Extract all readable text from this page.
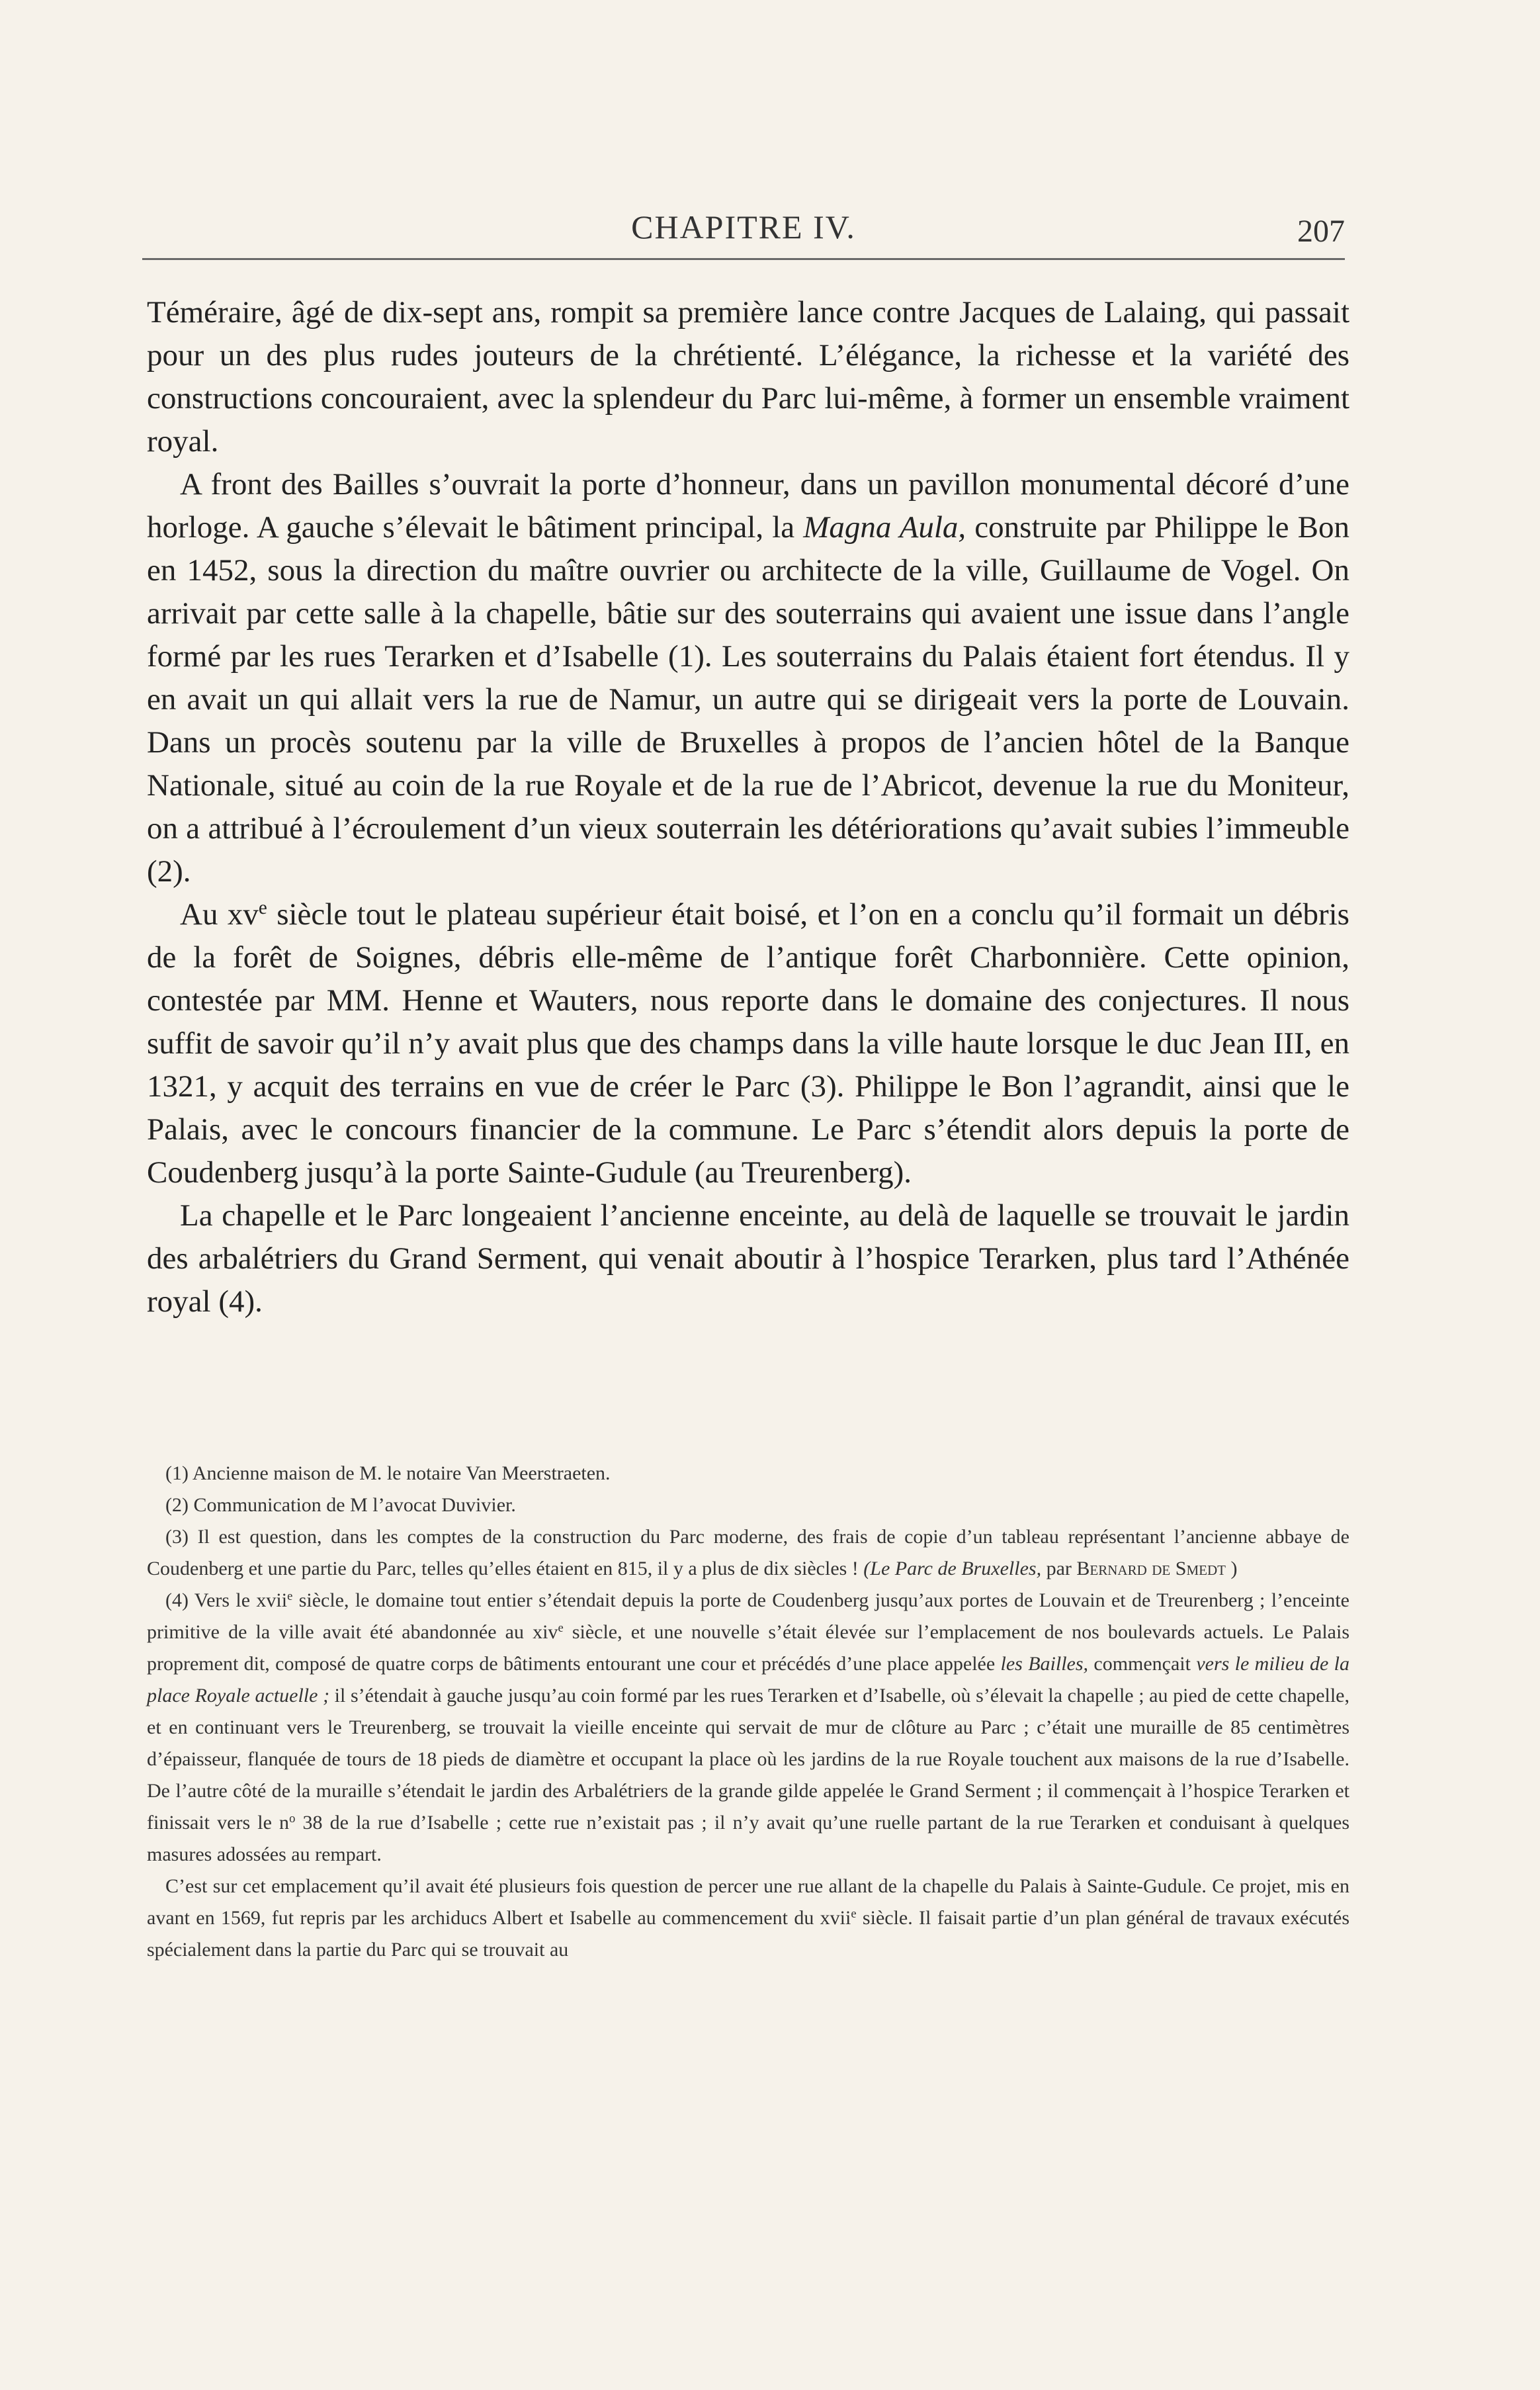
CHAPITRE IV.	207

Téméraire, âgé de dix-sept ans, rompit sa première lance contre Jacques de Lalaing, qui passait pour un des plus rudes jouteurs de la chrétienté. L’élégance, la richesse et la variété des constructions concouraient, avec la splendeur du Parc lui-même, à former un ensemble vraiment royal.

A front des Bailles s’ouvrait la porte d’honneur, dans un pavillon monumental décoré d’une horloge. A gauche s’élevait le bâtiment principal, la Magna Aula, construite par Philippe le Bon en 1452, sous la direction du maître ouvrier ou architecte de la ville, Guillaume de Vogel. On arrivait par cette salle à la chapelle, bâtie sur des souterrains qui avaient une issue dans l’angle formé par les rues Terarken et d’Isabelle (1). Les souterrains du Palais étaient fort étendus. Il y en avait un qui allait vers la rue de Namur, un autre qui se dirigeait vers la porte de Louvain. Dans un procès soutenu par la ville de Bruxelles à propos de l’ancien hôtel de la Banque Nationale, situé au coin de la rue Royale et de la rue de l’Abricot, devenue la rue du Moniteur, on a attribué à l’écroulement d’un vieux souterrain les détériorations qu’avait subies l’immeuble (2).

Au $xv^e$ siècle tout le plateau supérieur était boisé, et l’on en a conclu qu’il formait un débris de la forêt de Soignes, débris elle-même de l’antique forêt Charbonnière. Cette opinion, contestée par MM. Henne et Wauters, nous reporte dans le domaine des conjectures. Il nous suffit de savoir qu’il n’y avait plus que des champs dans la ville haute lorsque le duc Jean III, en 1321, y acquit des terrains en vue de créer le Parc (3). Philippe le Bon l’agrandit, ainsi que le Palais, avec le concours financier de la commune. Le Parc s’étendit alors depuis la porte de Coudenberg jusqu’à la porte Sainte-Gudule (au Treurenberg).

La chapelle et le Parc longeaient l’ancienne enceinte, au delà de laquelle se trouvait le jardin des arbalétriers du Grand Serment, qui venait aboutir à l’hospice Terarken, plus tard l’Athénée royal (4).

(1) Ancienne maison de M. le notaire Van Meerstraeten.

(2) Communication de M l’avocat Duvivier.

(3) Il est question, dans les comptes de la construction du Parc moderne, des frais de copie d’un tableau représentant l’ancienne abbaye de Coudenberg et une partie du Parc, telles qu’elles étaient en 815, il y a plus de dix siècles ! (Le Parc de Bruxelles, par Bernard de Smedt )

(4) Vers le xvii$^e$ siècle, le domaine tout entier s’étendait depuis la porte de Coudenberg jusqu’aux portes de Louvain et de Treurenberg ; l’enceinte primitive de la ville avait été abandonnée au xiv$^e$ siècle, et une nouvelle s’était élevée sur l’emplacement de nos boulevards actuels. Le Palais proprement dit, composé de quatre corps de bâtiments entourant une cour et précédés d’une place appelée les Bailles, commençait vers le milieu de la place Royale actuelle ; il s’étendait à gauche jusqu’au coin formé par les rues Terarken et d’Isabelle, où s’élevait la chapelle ; au pied de cette chapelle, et en continuant vers le Treurenberg, se trouvait la vieille enceinte qui servait de mur de clôture au Parc ; c’était une muraille de 85 centimètres d’épaisseur, flanquée de tours de 18 pieds de diamètre et occupant la place où les jardins de la rue Royale touchent aux maisons de la rue d’Isabelle. De l’autre côté de la muraille s’étendait le jardin des Arbalétriers de la grande gilde appelée le Grand Serment ; il commençait à l’hospice Terarken et finissait vers le $n^o$ 38 de la rue d’Isabelle ; cette rue n’existait pas ; il n’y avait qu’une ruelle partant de la rue Terarken et conduisant à quelques masures adossées au rempart.

C’est sur cet emplacement qu’il avait été plusieurs fois question de percer une rue allant de la chapelle du Palais à Sainte-Gudule. Ce projet, mis en avant en 1569, fut repris par les archiducs Albert et Isabelle au commencement du xvii$^e$ siècle. Il faisait partie d’un plan général de travaux exécutés spécialement dans la partie du Parc qui se trouvait au
